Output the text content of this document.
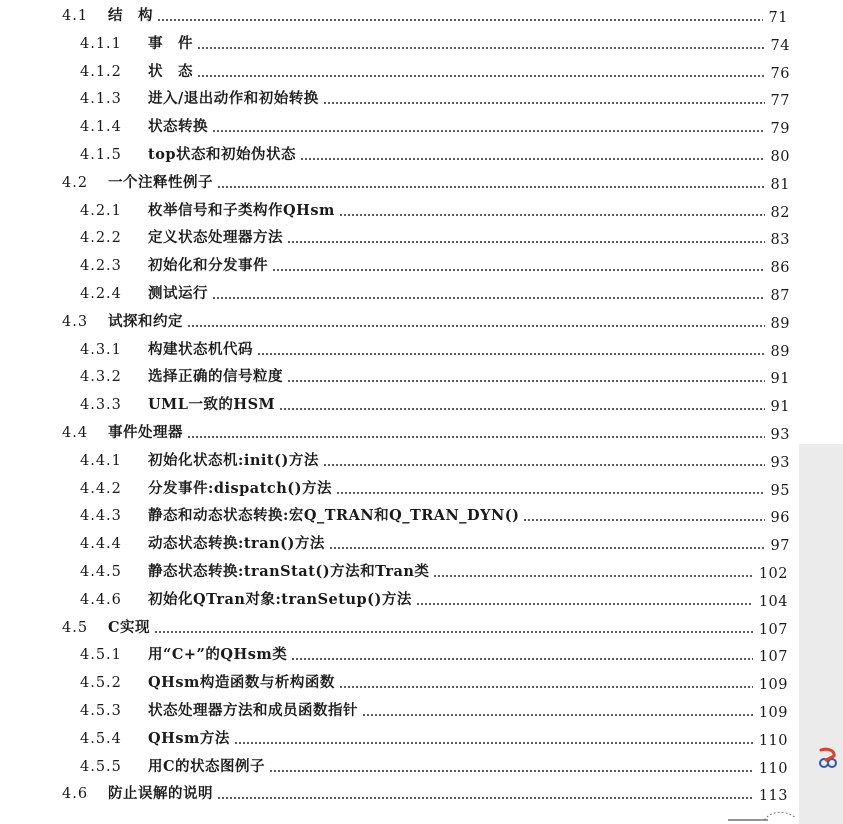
4.1 结　构	71
4.1.1 事　件	74
4.1.2 状　态	76
4.1.3 进入/退出动作和初始转换	77
4.1.4 状态转换	79
4.1.5 top状态和初始伪状态	80
4.2 一个注释性例子	81
4.2.1 枚举信号和子类构作QHsm	82
4.2.2 定义状态处理器方法	83
4.2.3 初始化和分发事件	86
4.2.4 测试运行	87
4.3 试探和约定	89
4.3.1 构建状态机代码	89
4.3.2 选择正确的信号粒度	91
4.3.3 UML一致的HSM	91
4.4 事件处理器	93
4.4.1 初始化状态机:init()方法	93
4.4.2 分发事件:dispatch()方法	95
4.4.3 静态和动态状态转换:宏Q_TRAN和Q_TRAN_DYN()	96
4.4.4 动态状态转换:tran()方法	97
4.4.5 静态状态转换:tranStat()方法和Tran类	102
4.4.6 初始化QTran对象:tranSetup()方法	104
4.5 C实现	107
4.5.1 用“C+”的QHsm类	107
4.5.2 QHsm构造函数与析构函数	109
4.5.3 状态处理器方法和成员函数指针	109
4.5.4 QHsm方法	110
4.5.5 用C的状态图例子	110
4.6 防止误解的说明	113
